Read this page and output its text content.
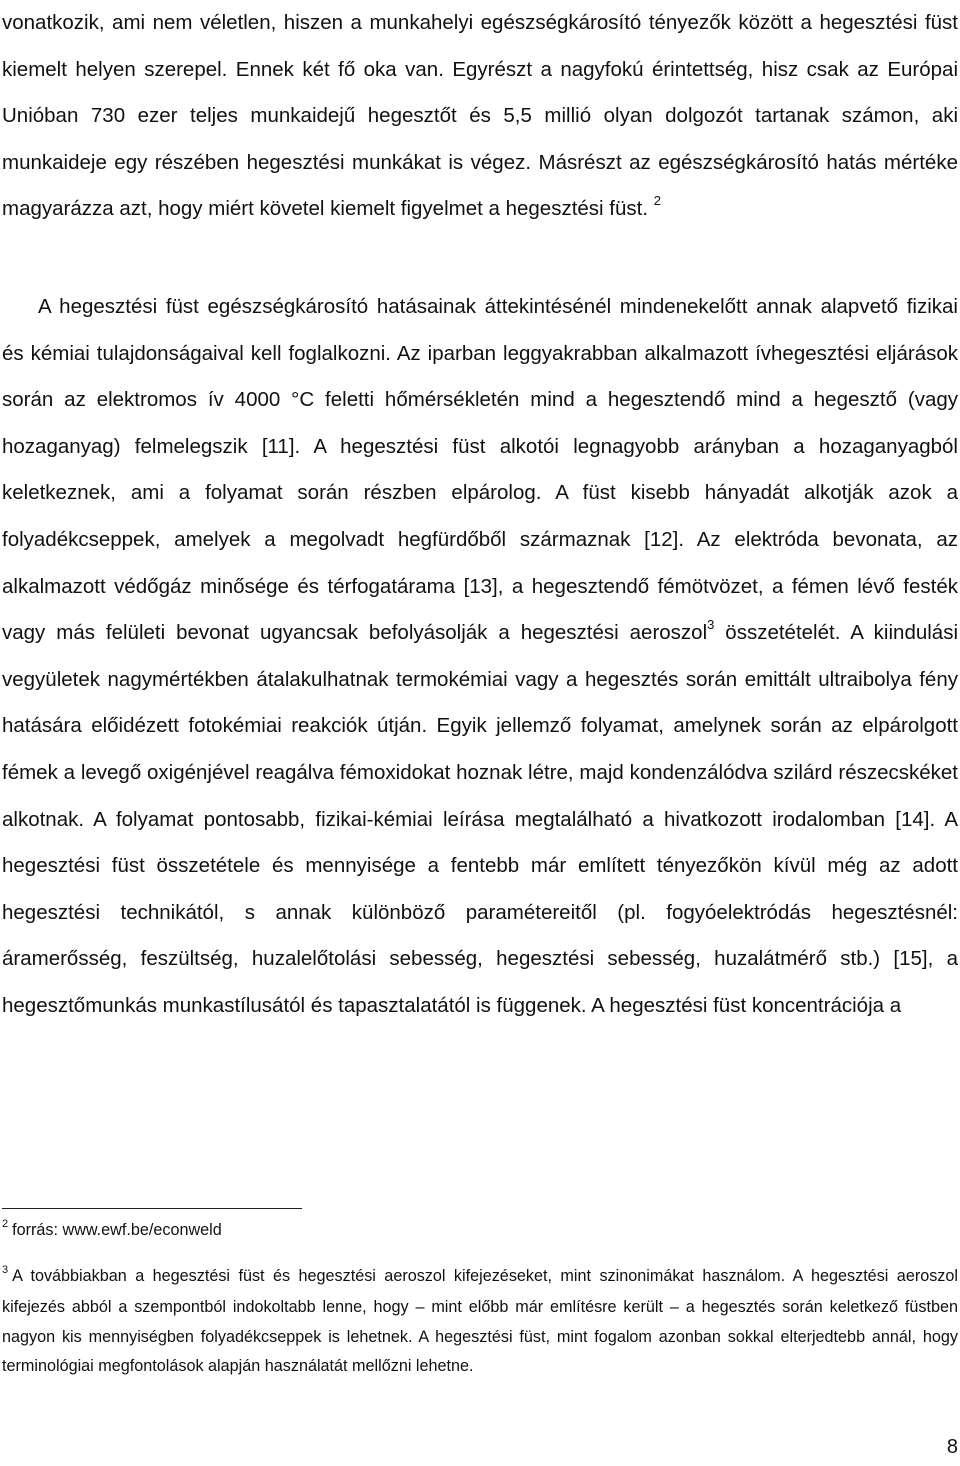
vonatkozik, ami nem véletlen, hiszen a munkahelyi egészségkárosító tényezők között a hegesztési füst kiemelt helyen szerepel. Ennek két fő oka van. Egyrészt a nagyfokú érintettség, hisz csak az Európai Unióban 730 ezer teljes munkaidejű hegesztőt és 5,5 millió olyan dolgozót tartanak számon, aki munkaideje egy részében hegesztési munkákat is végez. Másrészt az egészségkárosító hatás mértéke magyarázza azt, hogy miért követel kiemelt figyelmet a hegesztési füst. $^2$
A hegesztési füst egészségkárosító hatásainak áttekintésénél mindenekelőtt annak alapvető fizikai és kémiai tulajdonságaival kell foglalkozni. Az iparban leggyakrabban alkalmazott ívhegesztési eljárások során az elektromos ív 4000 °C feletti hőmérsékletén mind a hegesztendő mind a hegesztő (vagy hozaganyag) felmelegszik [11]. A hegesztési füst alkotói legnagyobb arányban a hozaganyagból keletkeznek, ami a folyamat során részben elpárolog. A füst kisebb hányadát alkotják azok a folyadékcseppek, amelyek a megolvadt hegfürdőből származnak [12]. Az elektróda bevonata, az alkalmazott védőgáz minősége és térfogatárama [13], a hegesztendő fémötvözet, a fémen lévő festék vagy más felületi bevonat ugyancsak befolyásolják a hegesztési aeroszol$^3$ összetételét. A kiindulási vegyületek nagymértékben átalakulhatnak termokémiai vagy a hegesztés során emittált ultraibolya fény hatására előidézett fotokémiai reakciók útján. Egyik jellemző folyamat, amelynek során az elpárolgott fémek a levegő oxigénjével reagálva fémoxidokat hoznak létre, majd kondenzálódva szilárd részecskéket alkotnak. A folyamat pontosabb, fizikai-kémiai leírása megtalálható a hivatkozott irodalomban [14]. A hegesztési füst összetétele és mennyisége a fentebb már említett tényezőkön kívül még az adott hegesztési technikától, s annak különböző paramétereitől (pl. fogyóelektródás hegesztésnél: áramerősség, feszültség, huzalelőtolási sebesség, hegesztési sebesség, huzalátmérő stb.) [15], a hegesztőmunkás munkastílusától és tapasztalatától is függenek. A hegesztési füst koncentrációja a

$^2$ forrás: www.ewf.be/econweld

$^3$ A továbbiakban a hegesztési füst és hegesztési aeroszol kifejezéseket, mint szinonimákat használom. A hegesztési aeroszol kifejezés abból a szempontból indokoltabb lenne, hogy – mint előbb már említésre került – a hegesztés során keletkező füstben nagyon kis mennyiségben folyadékcseppek is lehetnek. A hegesztési füst, mint fogalom azonban sokkal elterjedtebb annál, hogy terminológiai megfontolások alapján használatát mellőzni lehetne.

8
